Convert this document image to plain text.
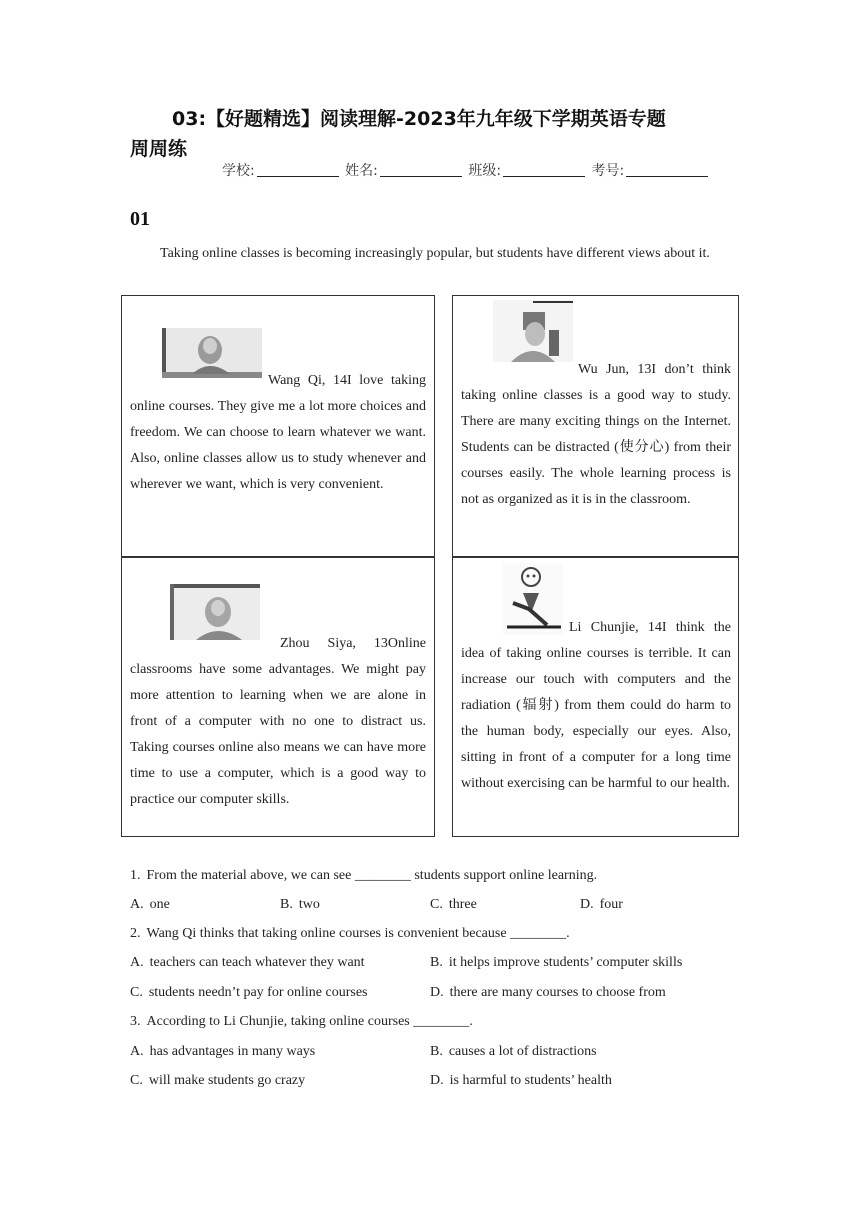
03:【好题精选】阅读理解-2023年九年级下学期英语专题
周周练
学校:	姓名:	班级:	考号:
01
Taking online classes is becoming increasingly popular, but students have different views about it.
Wang Qi, 14I love taking online courses. They give me a lot more choices and freedom. We can choose to learn whatever we want. Also, online classes allow us to study whenever and wherever we want, which is very convenient.
Wu Jun, 13I don’t think taking online classes is a good way to study. There are many exciting things on the Internet. Students can be distracted (使分心) from their courses easily. The whole learning process is not as organized as it is in the classroom.
Zhou Siya, 13Online classrooms have some advantages. We might pay more attention to learning when we are alone in front of a computer with no one to distract us. Taking courses online also means we can have more time to use a computer, which is a good way to practice our computer skills.
Li Chunjie, 14I think the idea of taking online courses is terrible. It can increase our touch with computers and the radiation (辐射) from them could do harm to the human body, especially our eyes. Also, sitting in front of a computer for a long time without exercising can be harmful to our health.
1. From the material above, we can see ________ students support online learning.
A. one	B. two	C. three	D. four
2. Wang Qi thinks that taking online courses is convenient because ________.
A. teachers can teach whatever they want	B. it helps improve students’ computer skills
C. students needn’t pay for online courses	D. there are many courses to choose from
3. According to Li Chunjie, taking online courses ________.
A. has advantages in many ways	B. causes a lot of distractions
C. will make students go crazy	D. is harmful to students’ health
